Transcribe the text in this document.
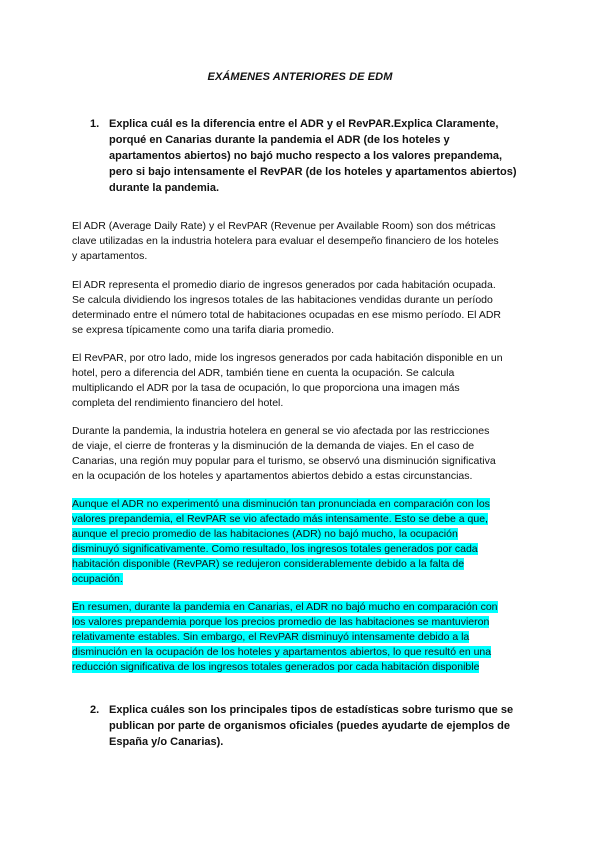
EXÁMENES ANTERIORES DE EDM
1. Explica cuál es la diferencia entre el ADR y el RevPAR.Explica Claramente,
porqué en Canarias durante la pandemia el ADR (de los hoteles y
apartamentos abiertos) no bajó mucho respecto a los valores prepandema,
pero si bajo intensamente el RevPAR (de los hoteles y apartamentos abiertos)
durante la pandemia.
El ADR (Average Daily Rate) y el RevPAR (Revenue per Available Room) son dos métricas
clave utilizadas en la industria hotelera para evaluar el desempeño financiero de los hoteles
y apartamentos.
El ADR representa el promedio diario de ingresos generados por cada habitación ocupada.
Se calcula dividiendo los ingresos totales de las habitaciones vendidas durante un período
determinado entre el número total de habitaciones ocupadas en ese mismo período. El ADR
se expresa típicamente como una tarifa diaria promedio.
El RevPAR, por otro lado, mide los ingresos generados por cada habitación disponible en un
hotel, pero a diferencia del ADR, también tiene en cuenta la ocupación. Se calcula
multiplicando el ADR por la tasa de ocupación, lo que proporciona una imagen más
completa del rendimiento financiero del hotel.
Durante la pandemia, la industria hotelera en general se vio afectada por las restricciones
de viaje, el cierre de fronteras y la disminución de la demanda de viajes. En el caso de
Canarias, una región muy popular para el turismo, se observó una disminución significativa
en la ocupación de los hoteles y apartamentos abiertos debido a estas circunstancias.
Aunque el ADR no experimentó una disminución tan pronunciada en comparación con los
valores prepandemia, el RevPAR se vio afectado más intensamente. Esto se debe a que,
aunque el precio promedio de las habitaciones (ADR) no bajó mucho, la ocupación
disminuyó significativamente. Como resultado, los ingresos totales generados por cada
habitación disponible (RevPAR) se redujeron considerablemente debido a la falta de
ocupación.
En resumen, durante la pandemia en Canarias, el ADR no bajó mucho en comparación con
los valores prepandemia porque los precios promedio de las habitaciones se mantuvieron
relativamente estables. Sin embargo, el RevPAR disminuyó intensamente debido a la
disminución en la ocupación de los hoteles y apartamentos abiertos, lo que resultó en una
reducción significativa de los ingresos totales generados por cada habitación disponible
2. Explica cuáles son los principales tipos de estadísticas sobre turismo que se
publican por parte de organismos oficiales (puedes ayudarte de ejemplos de
España y/o Canarias).
